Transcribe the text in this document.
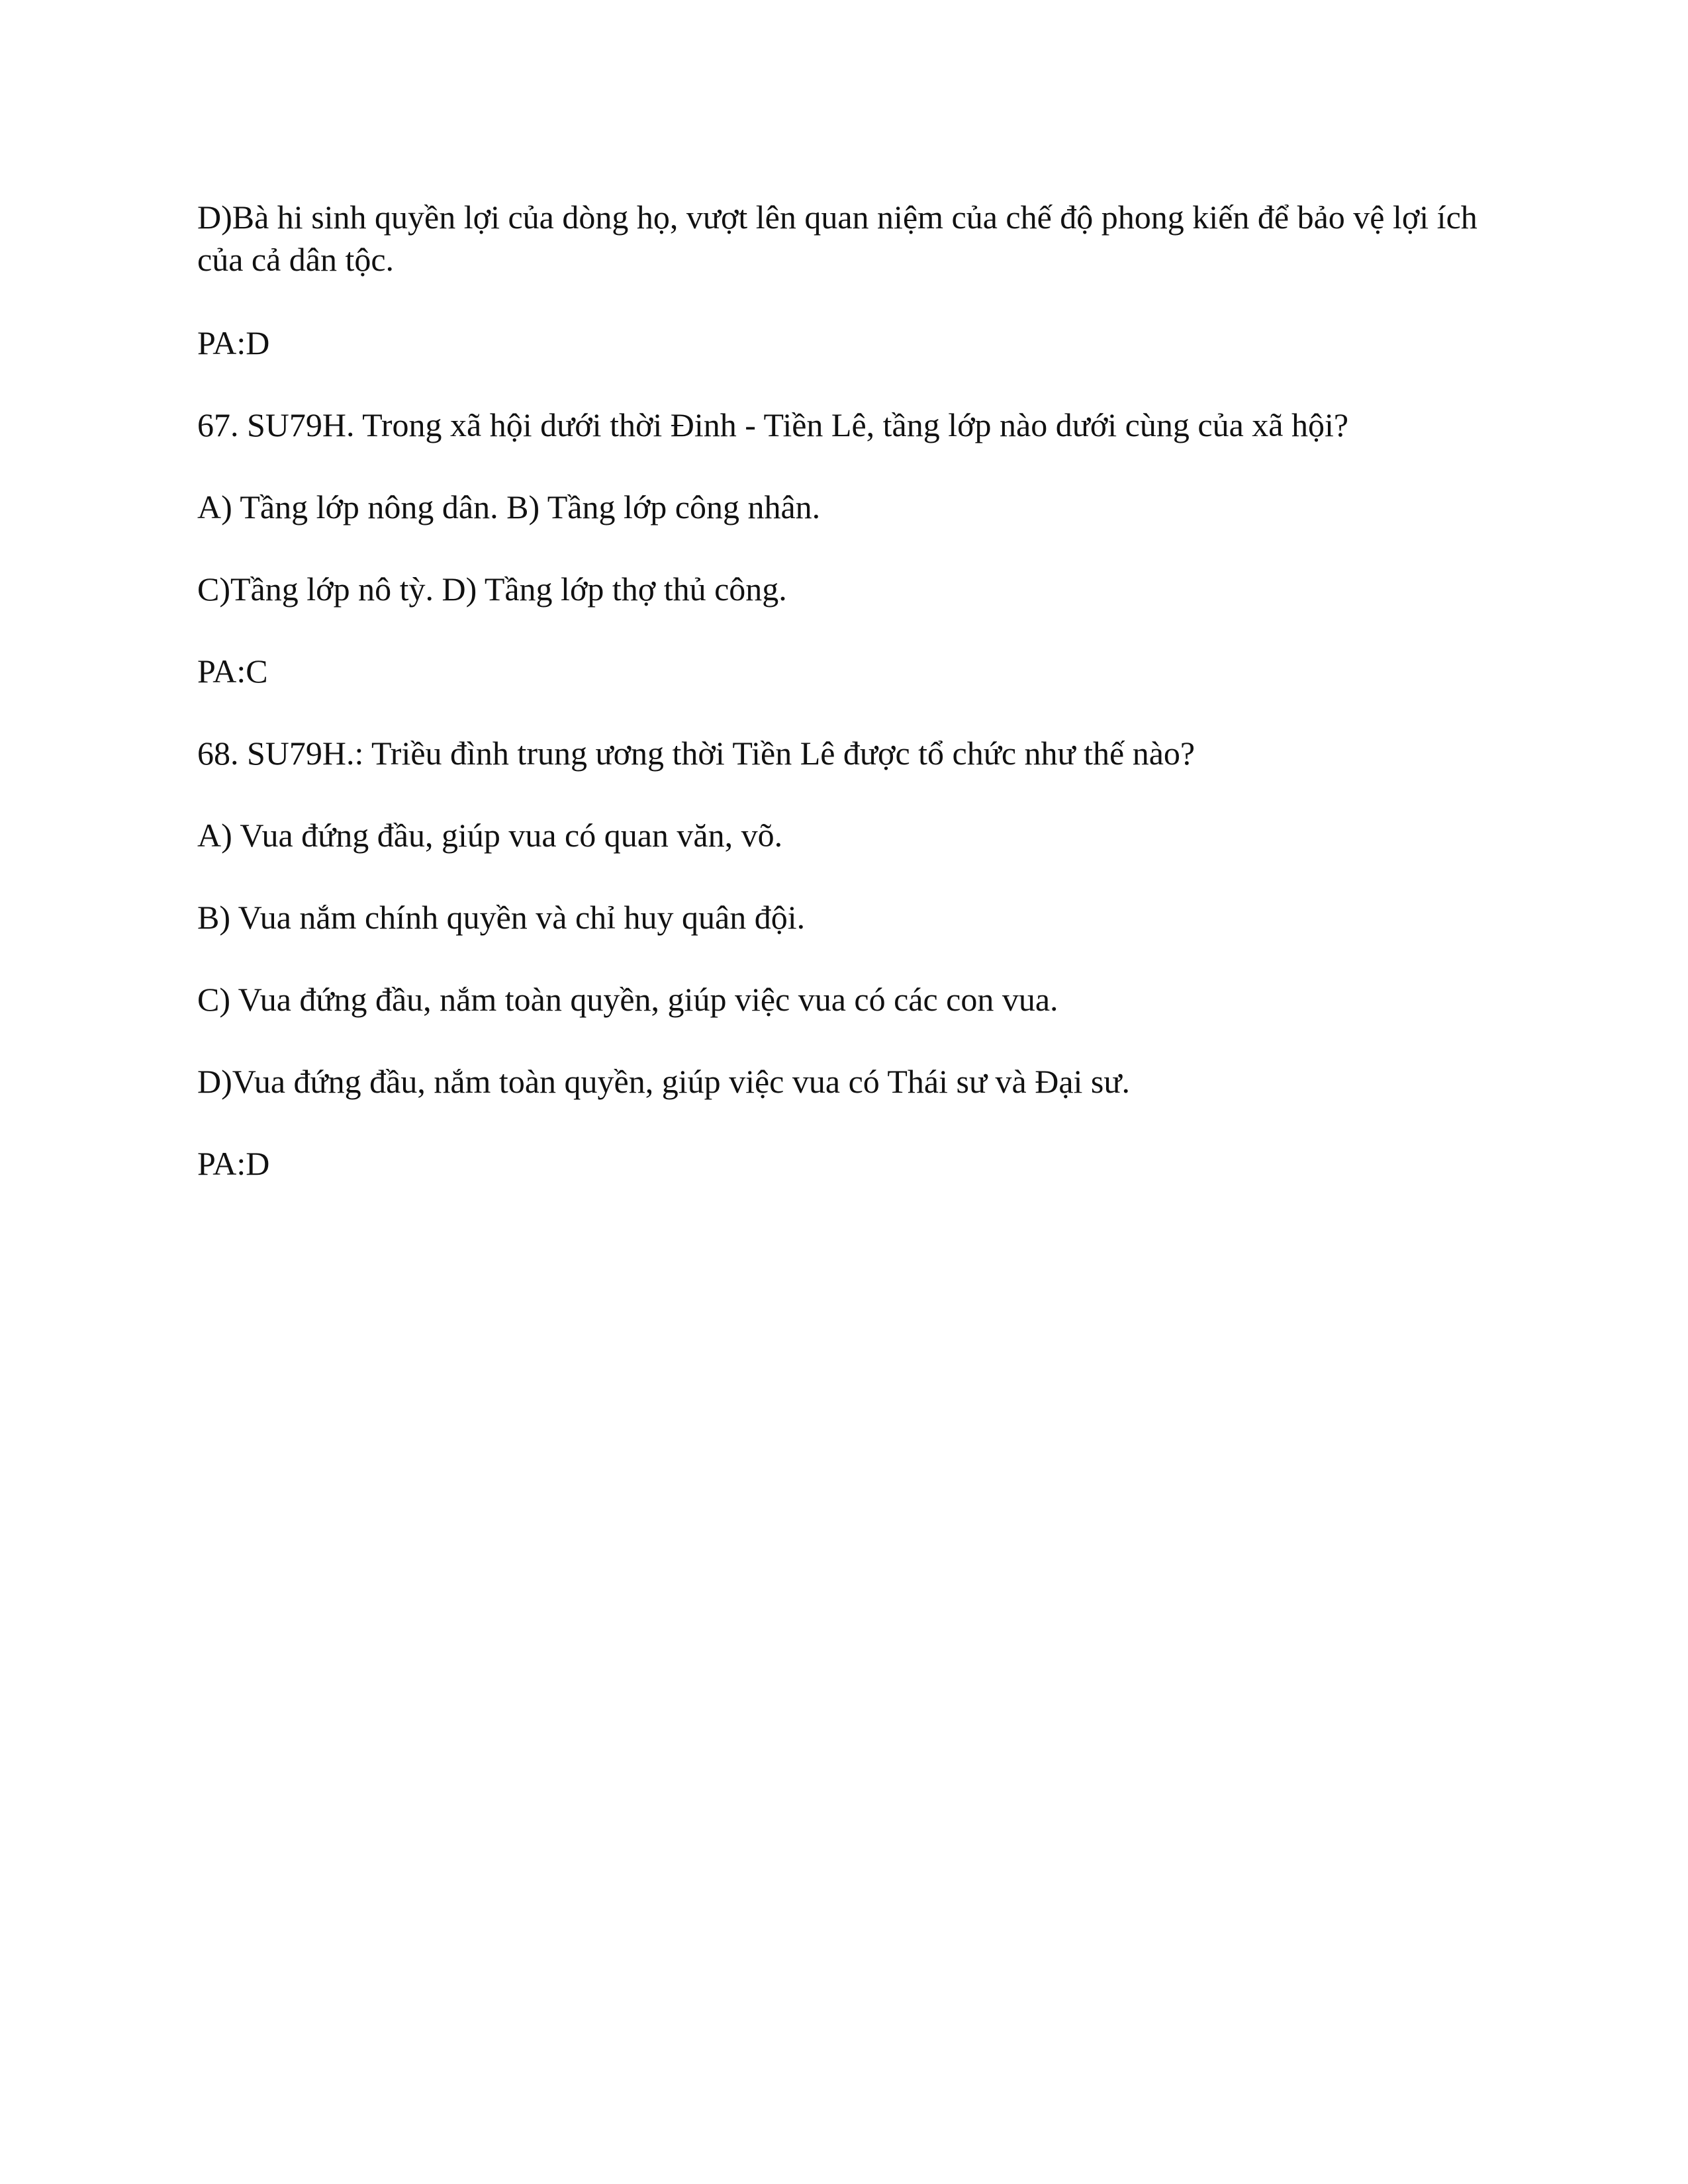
D)Bà hi sinh quyền lợi của dòng họ, vượt lên quan niệm của chế độ phong kiến để bảo vệ lợi ích
của cả dân tộc.
PA:D
67. SU79H. Trong xã hội dưới thời Đinh - Tiền Lê, tầng lớp nào dưới cùng của xã hội?
A) Tầng lớp nông dân. B) Tầng lớp công nhân.
C)Tầng lớp nô tỳ. D) Tầng lớp thợ thủ công.
PA:C
68. SU79H.: Triều đình trung ương thời Tiền Lê được tổ chức như thế nào?
A) Vua đứng đầu, giúp vua có quan văn, võ.
B) Vua nắm chính quyền và chỉ huy quân đội.
C) Vua đứng đầu, nắm toàn quyền, giúp việc vua có các con vua.
D)Vua đứng đầu, nắm toàn quyền, giúp việc vua có Thái sư và Đại sư.
PA:D
